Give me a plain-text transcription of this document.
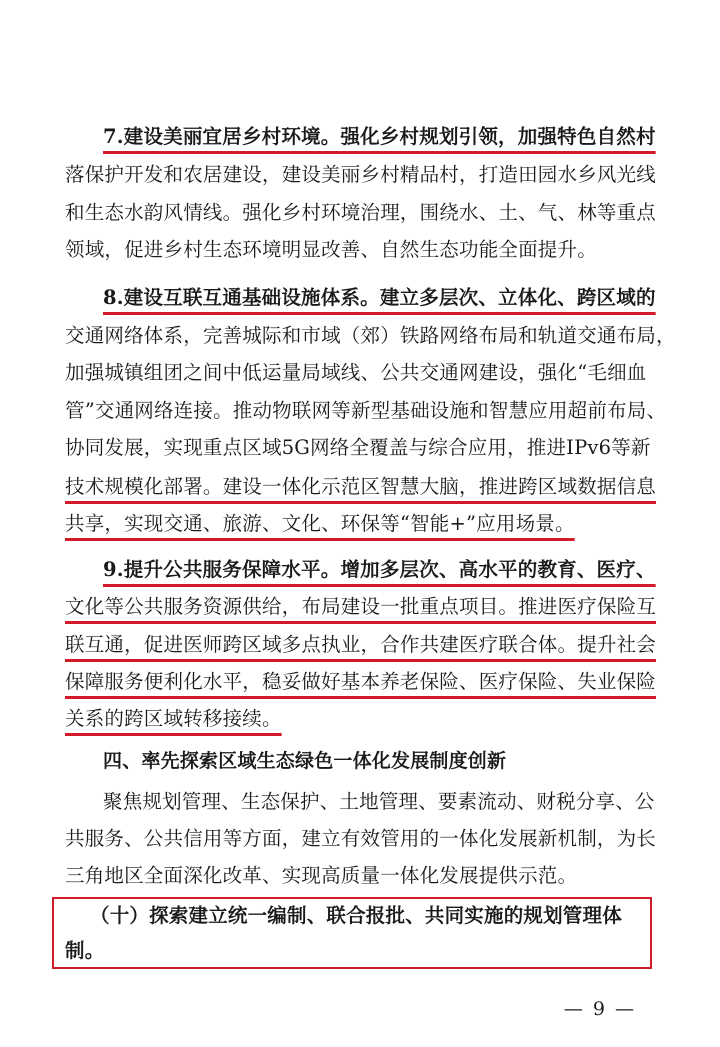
7.建设美丽宜居乡村环境。强化乡村规划引领，加强特色自然村
落保护开发和农居建设，建设美丽乡村精品村，打造田园水乡风光线
和生态水韵风情线。强化乡村环境治理，围绕水、土、气、林等重点
领域，促进乡村生态环境明显改善、自然生态功能全面提升。
8.建设互联互通基础设施体系。建立多层次、立体化、跨区域的
交通网络体系，完善城际和市域（郊）铁路网络布局和轨道交通布局，
加强城镇组团之间中低运量局域线、公共交通网建设，强化“毛细血
管”交通网络连接。推动物联网等新型基础设施和智慧应用超前布局、
协同发展，实现重点区域5G网络全覆盖与综合应用，推进IPv6等新
技术规模化部署。建设一体化示范区智慧大脑，推进跨区域数据信息
共享，实现交通、旅游、文化、环保等“智能+”应用场景。
9.提升公共服务保障水平。增加多层次、高水平的教育、医疗、
文化等公共服务资源供给，布局建设一批重点项目。推进医疗保险互
联互通，促进医师跨区域多点执业，合作共建医疗联合体。提升社会
保障服务便利化水平，稳妥做好基本养老保险、医疗保险、失业保险
关系的跨区域转移接续。
四、率先探索区域生态绿色一体化发展制度创新
聚焦规划管理、生态保护、土地管理、要素流动、财税分享、公
共服务、公共信用等方面，建立有效管用的一体化发展新机制，为长
三角地区全面深化改革、实现高质量一体化发展提供示范。
（十）探索建立统一编制、联合报批、共同实施的规划管理体
制。
— 9 —
